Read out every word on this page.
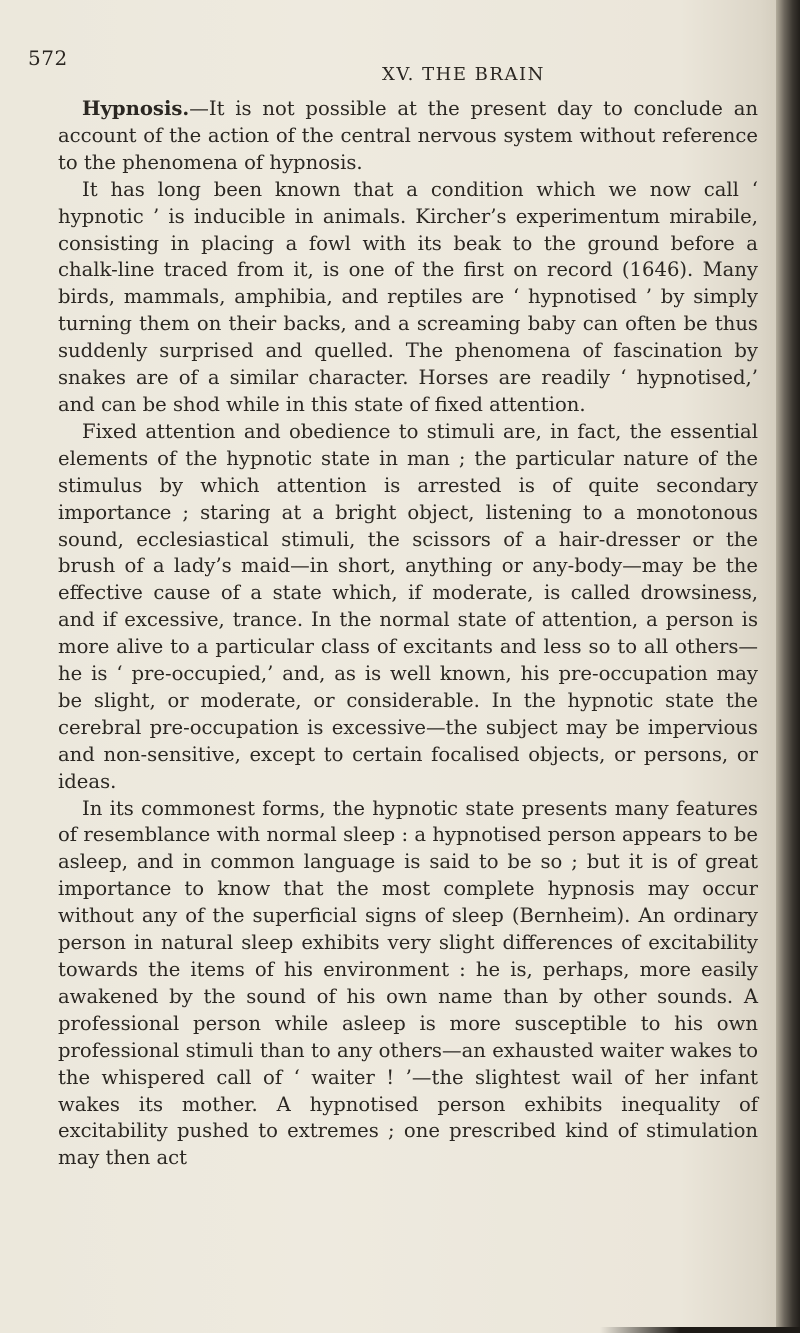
572
XV. THE BRAIN

Hypnosis.—It is not possible at the present day to conclude an account of the action of the central nervous system without reference to the phenomena of hypnosis.

It has long been known that a condition which we now call ‘ hypnotic ’ is inducible in animals. Kircher’s experimentum mirabile, consisting in placing a fowl with its beak to the ground before a chalk-line traced from it, is one of the first on record (1646). Many birds, mammals, amphibia, and reptiles are ‘ hypnotised ’ by simply turning them on their backs, and a screaming baby can often be thus suddenly surprised and quelled. The phenomena of fascination by snakes are of a similar character. Horses are readily ‘ hypnotised,’ and can be shod while in this state of fixed attention.

Fixed attention and obedience to stimuli are, in fact, the essential elements of the hypnotic state in man ; the particular nature of the stimulus by which attention is arrested is of quite secondary importance ; staring at a bright object, listening to a monotonous sound, ecclesiastical stimuli, the scissors of a hair-dresser or the brush of a lady’s maid—in short, anything or any-body—may be the effective cause of a state which, if moderate, is called drowsiness, and if excessive, trance. In the normal state of attention, a person is more alive to a particular class of excitants and less so to all others—he is ‘ pre-occupied,’ and, as is well known, his pre-occupation may be slight, or moderate, or considerable. In the hypnotic state the cerebral pre-occupation is excessive—the subject may be impervious and non-sensitive, except to certain focalised objects, or persons, or ideas.

In its commonest forms, the hypnotic state presents many features of resemblance with normal sleep : a hypnotised person appears to be asleep, and in common language is said to be so ; but it is of great importance to know that the most complete hypnosis may occur without any of the superficial signs of sleep (Bernheim). An ordinary person in natural sleep exhibits very slight differences of excitability towards the items of his environment : he is, perhaps, more easily awakened by the sound of his own name than by other sounds. A professional person while asleep is more susceptible to his own professional stimuli than to any others—an exhausted waiter wakes to the whispered call of ‘ waiter ! ’—the slightest wail of her infant wakes its mother. A hypnotised person exhibits inequality of excitability pushed to extremes ; one prescribed kind of stimulation may then act
